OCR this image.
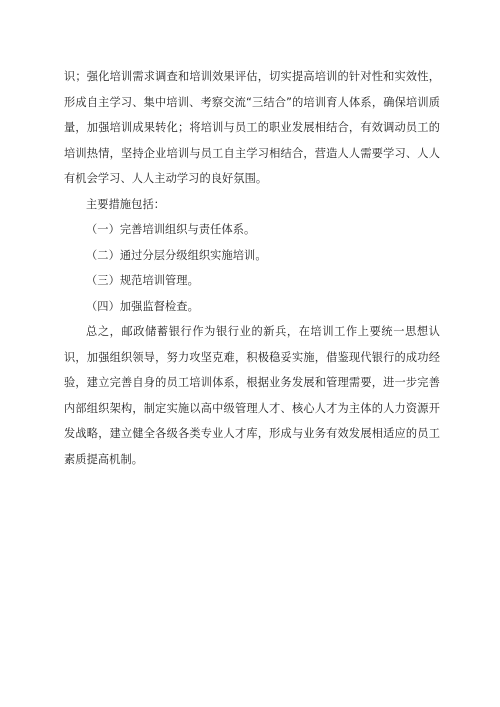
识；强化培训需求调查和培训效果评估，切实提高培训的针对性和实效性，形成自主学习、集中培训、考察交流“三结合”的培训育人体系，确保培训质量，加强培训成果转化；将培训与员工的职业发展相结合，有效调动员工的培训热情，坚持企业培训与员工自主学习相结合，营造人人需要学习、人人有机会学习、人人主动学习的良好氛围。

主要措施包括：

（一）完善培训组织与责任体系。

（二）通过分层分级组织实施培训。

（三）规范培训管理。

（四）加强监督检查。

总之，邮政储蓄银行作为银行业的新兵，在培训工作上要统一思想认识，加强组织领导，努力攻坚克难，积极稳妥实施，借鉴现代银行的成功经验，建立完善自身的员工培训体系，根据业务发展和管理需要，进一步完善内部组织架构，制定实施以高中级管理人才、核心人才为主体的人力资源开发战略，建立健全各级各类专业人才库，形成与业务有效发展相适应的员工素质提高机制。
